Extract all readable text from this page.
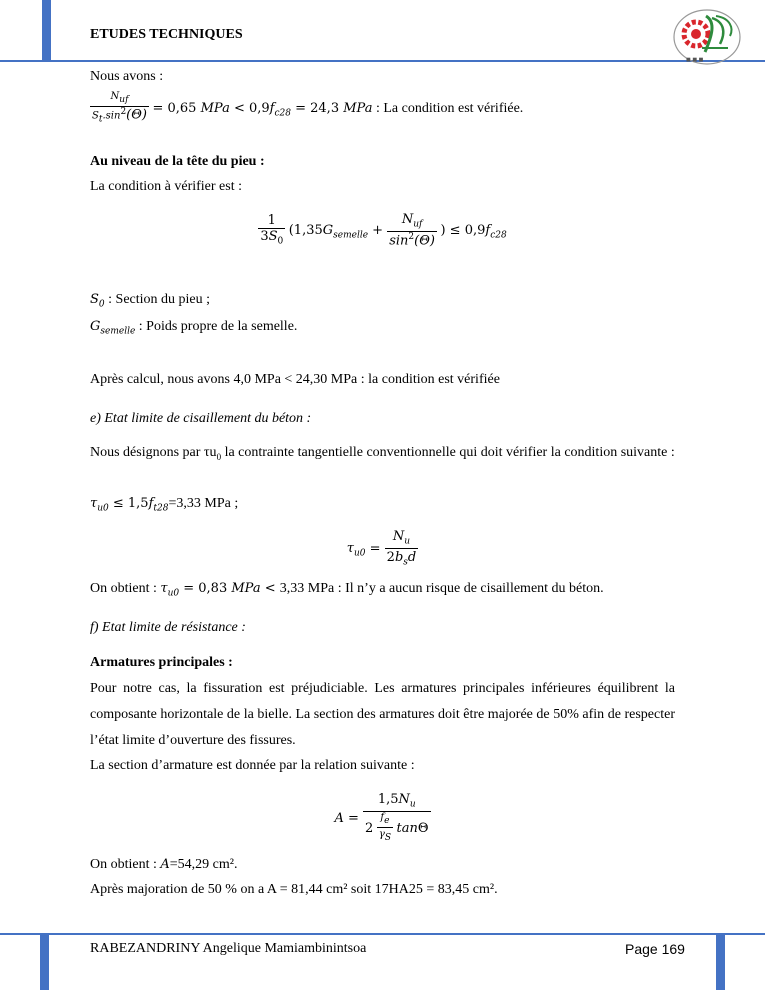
ETUDES TECHNIQUES
■ ■ ■
Nous avons :
$\frac{N_{uf}}{S_t.\sin^2(\Theta)} = 0,65$ MPa < $0,9f_{c28} = 24,3$ MPa : La condition est vérifiée.
Au niveau de la tête du pieu :
La condition à vérifier est :
$\frac{1}{3S_0} (1,35G_{semelle} + \frac{N_{uf}}{\sin^2(\Theta)}$ ) ≤ $0,9f_{c28}$
$S_0$ : Section du pieu ;
$G_{semelle}$ : Poids propre de la semelle.
Après calcul, nous avons 4,0 MPa < 24,30 MPa : la condition est vérifiée
e) Etat limite de cisaillement du béton :
Nous désignons par $\tau u_0$ la contrainte tangentielle conventionnelle qui doit vérifier la condition suivante :
$\tau_{u0} \le 1,5f_{t28}=3,33$ MPa ;
$\tau_{u0} = \frac{N_u}{2b_sd}$
On obtient : $\tau_{u0} = 0,83$ MPa < 3,33 MPa : Il n’y a aucun risque de cisaillement du béton.
f) Etat limite de résistance :
Armatures principales :
Pour notre cas, la fissuration est préjudiciable. Les armatures principales inférieures équilibrent la composante horizontale de la bielle. La section des armatures doit être majorée de 50% afin de respecter l’état limite d’ouverture des fissures.
La section d’armature est donnée par la relation suivante :
$A = \frac{1,5N_u}{2 \frac{f_e}{\gamma_S} \tan\Theta}$
On obtient : A=54,29 cm².
Après majoration de 50 % on a A = 81,44 cm² soit 17HA25 = 83,45 cm².
RABEZANDRINY Angelique Mamiambinintsoa	Page 169
